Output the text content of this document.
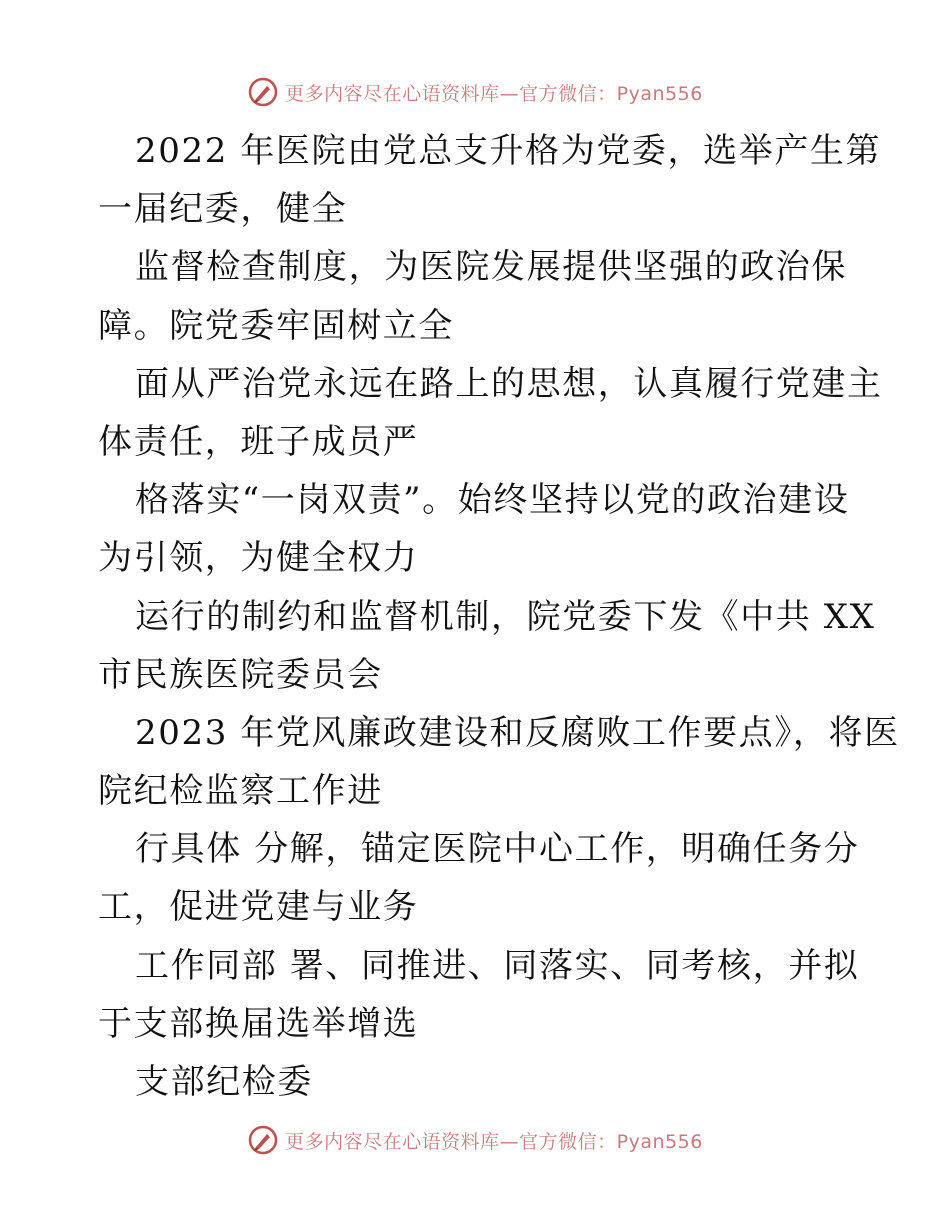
更多内容尽在心语资料库—官方微信：Pyan556
2022 年医院由党总支升格为党委，选举产生第
一届纪委，健全
监督检查制度，为医院发展提供坚强的政治保
障。院党委牢固树立全
面从严治党永远在路上的思想，认真履行党建主
体责任，班子成员严
格落实“一岗双责”。始终坚持以党的政治建设
为引领，为健全权力
运行的制约和监督机制，院党委下发《中共 XX
市民族医院委员会
2023 年党风廉政建设和反腐败工作要点》，将医
院纪检监察工作进
行具体 分解，锚定医院中心工作，明确任务分
工，促进党建与业务
工作同部 署、同推进、同落实、同考核，并拟
于支部换届选举增选
支部纪检委
更多内容尽在心语资料库—官方微信：Pyan556
